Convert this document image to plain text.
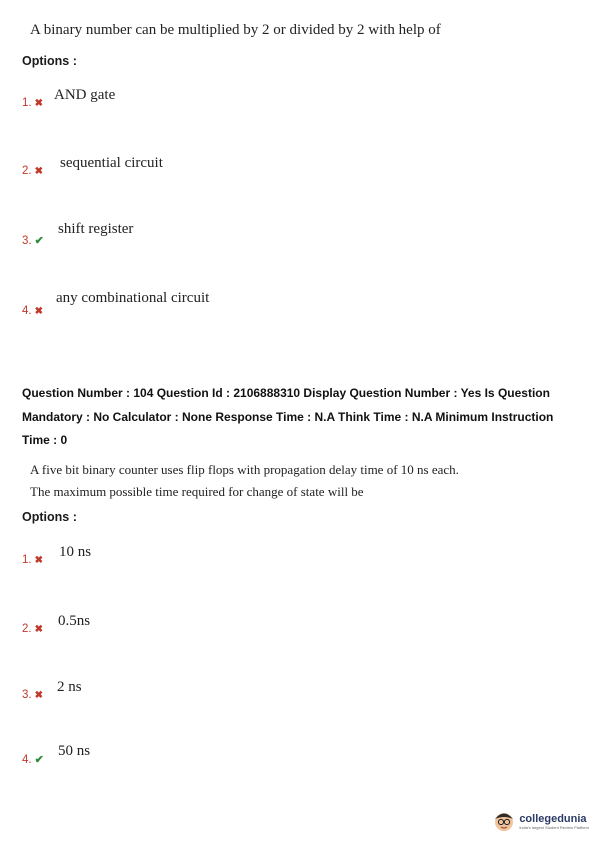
A binary number can be multiplied by 2 or divided by 2 with help of
Options :
1. ✖
AND gate
2. ✖
sequential circuit
3. ✔
shift register
4. ✖
any combinational circuit
Question Number : 104 Question Id : 2106888310 Display Question Number : Yes Is Question Mandatory : No Calculator : None Response Time : N.A Think Time : N.A Minimum Instruction Time : 0
A five bit binary counter uses flip flops with propagation delay time of 10 ns each.
The maximum possible time required for change of state will be
Options :
1. ✖
10 ns
2. ✖
0.5ns
3. ✖
2 ns
4. ✔
50 ns
collegedunia
India's largest Student Review Platform
